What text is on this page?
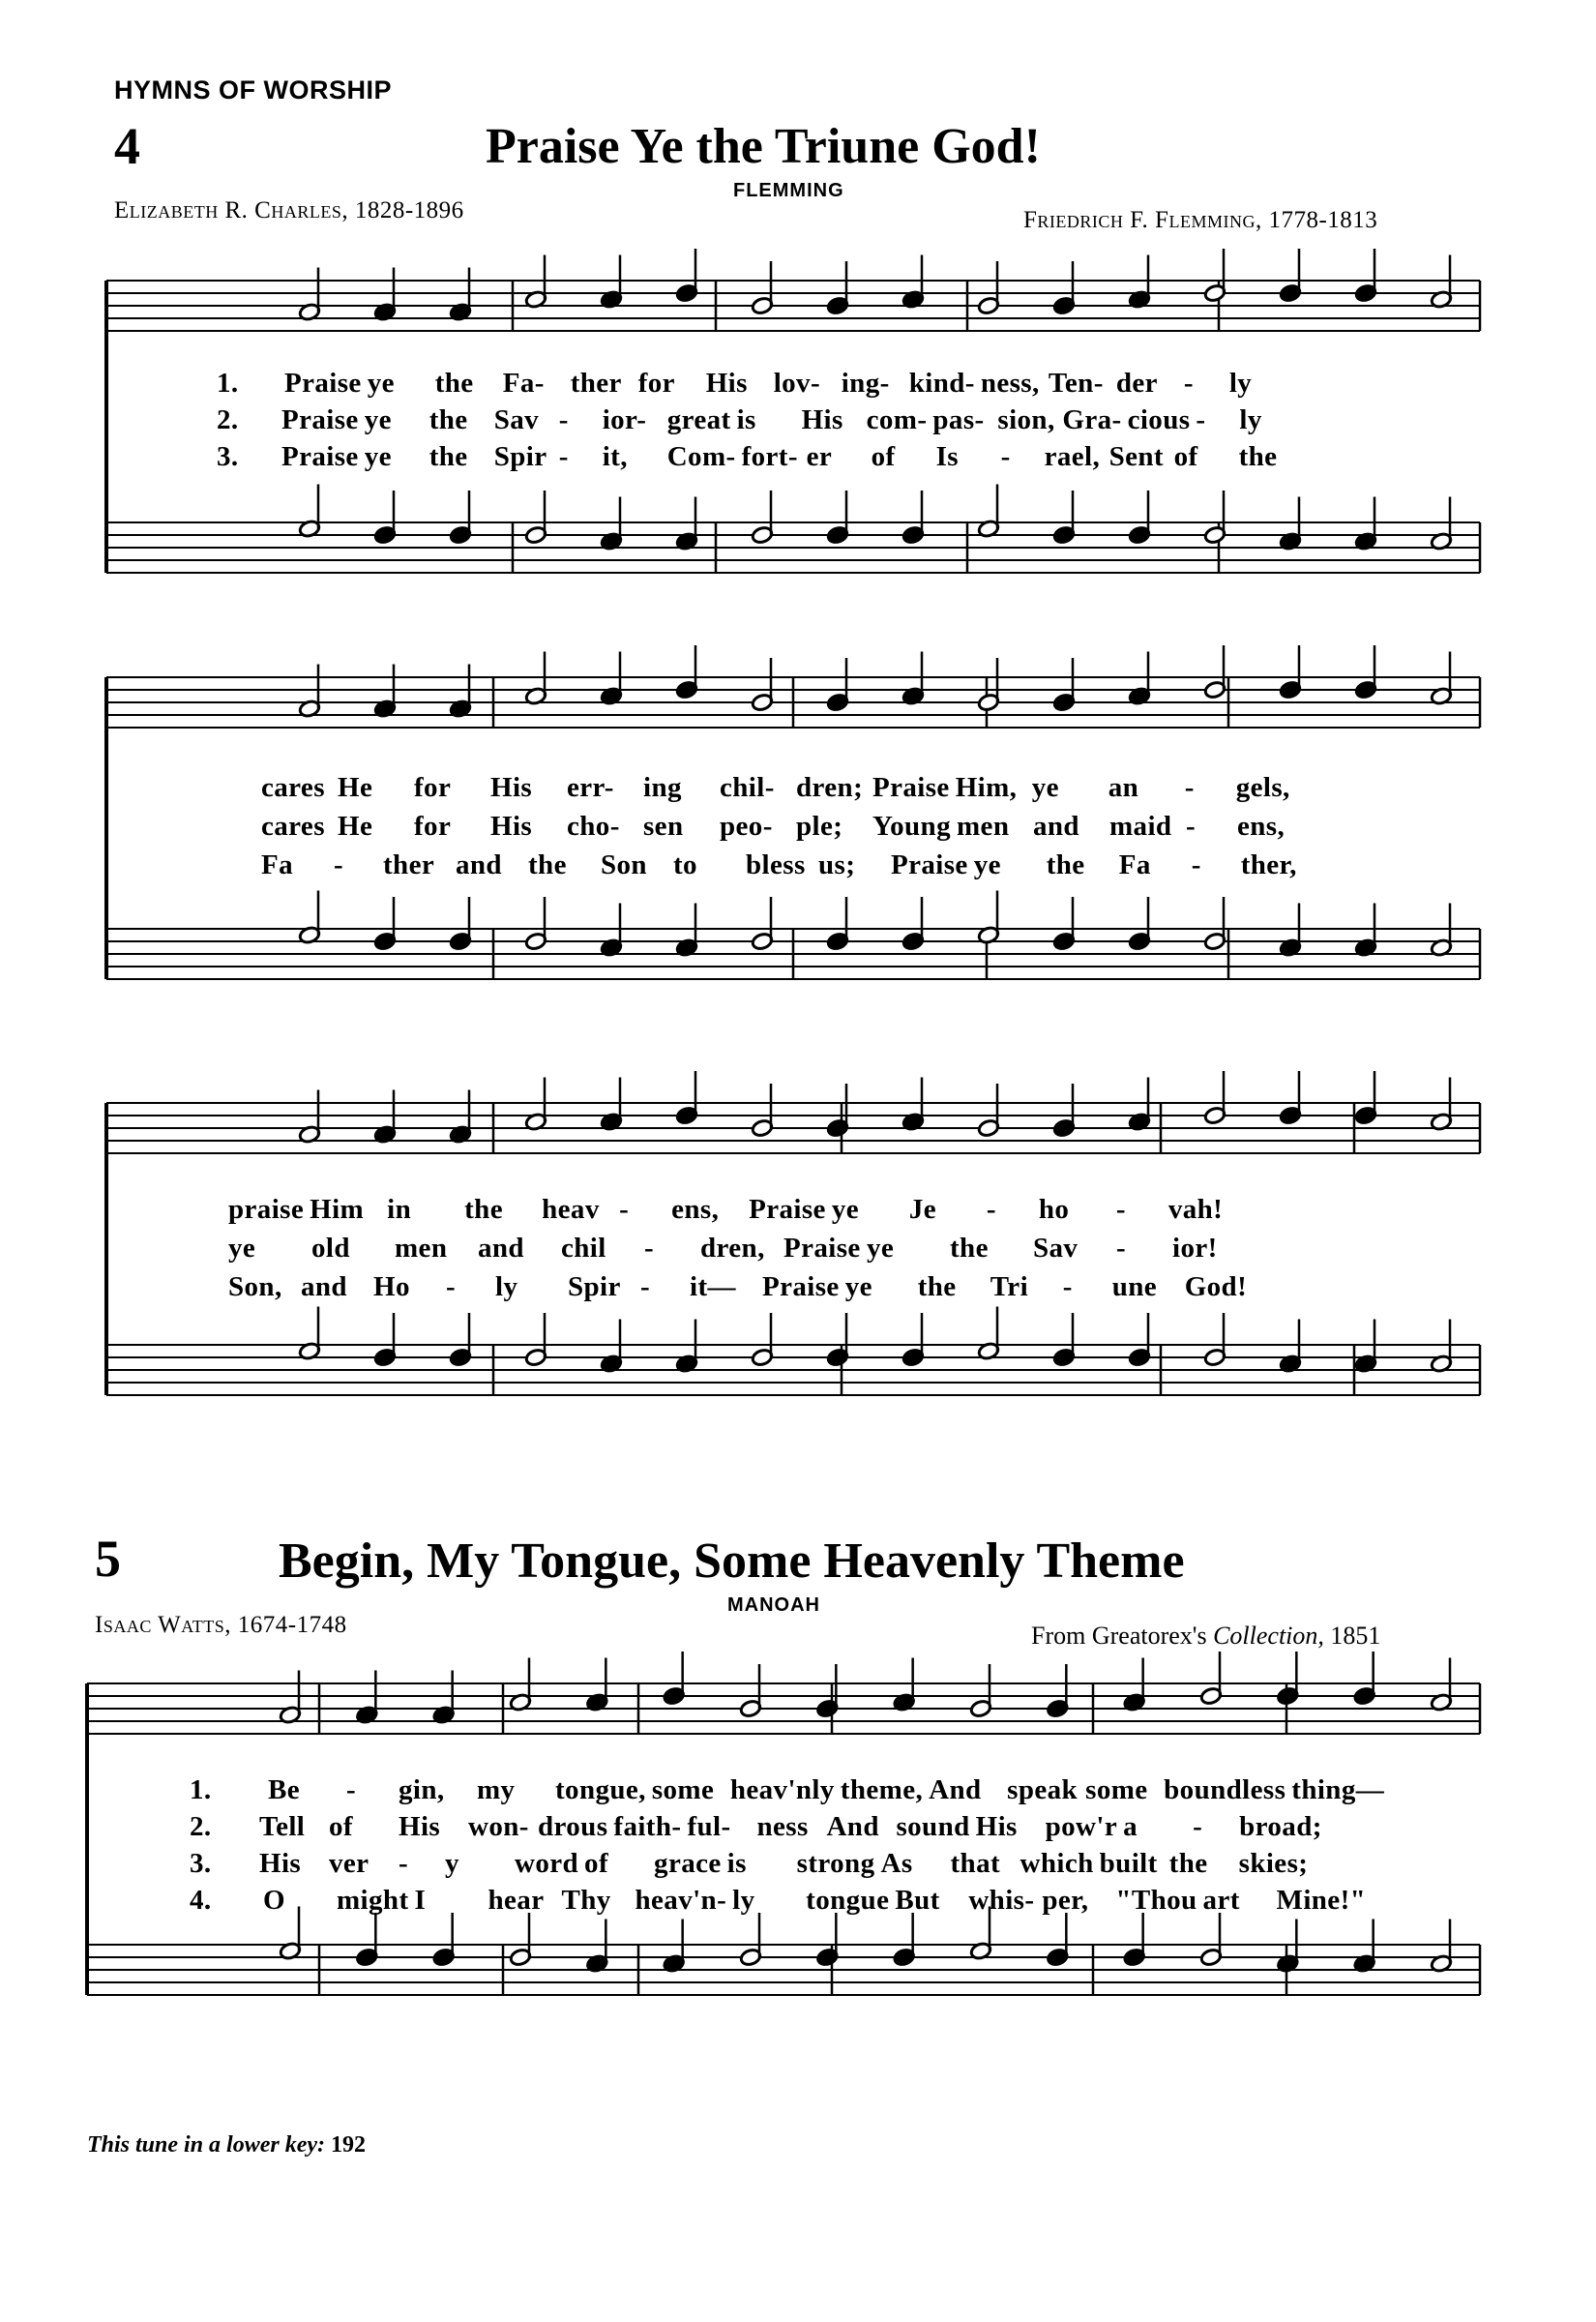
HYMNS OF WORSHIP
4	Praise Ye the Triune God!
FLEMMING
Elizabeth R. Charles, 1828-1896	Friedrich F. Flemming, 1778-1813
1. Praise ye the Fa- ther for His lov- ing- kind- ness, Ten- der - ly
2. Praise ye the Sav - ior- great is His com- pas- sion, Gra- cious - ly
3. Praise ye the Spir - it, Com- fort- er of Is - rael, Sent of the
cares He for His err- ing chil- dren; Praise Him, ye an - gels,
cares He for His cho- sen peo- ple; Young men and maid - ens,
Fa - ther and the Son to bless us; Praise ye the Fa - ther,
praise Him in the heav - ens, Praise ye Je - ho - vah!
ye old men and chil - dren, Praise ye the Sav - ior!
Son, and Ho - ly Spir - it— Praise ye the Tri - une God!
5	Begin, My Tongue, Some Heavenly Theme
MANOAH
Isaac Watts, 1674-1748	From Greatorex's Collection, 1851
1. Be - gin, my tongue, some heav'nly theme, And speak some boundless thing—
2. Tell of His won- drous faith- ful- ness And sound His pow'r a - broad;
3. His ver - y word of grace is strong As that which built the skies;
4. O might I hear Thy heav'n- ly tongue But whis- per, "Thou art Mine!"
This tune in a lower key: 192
